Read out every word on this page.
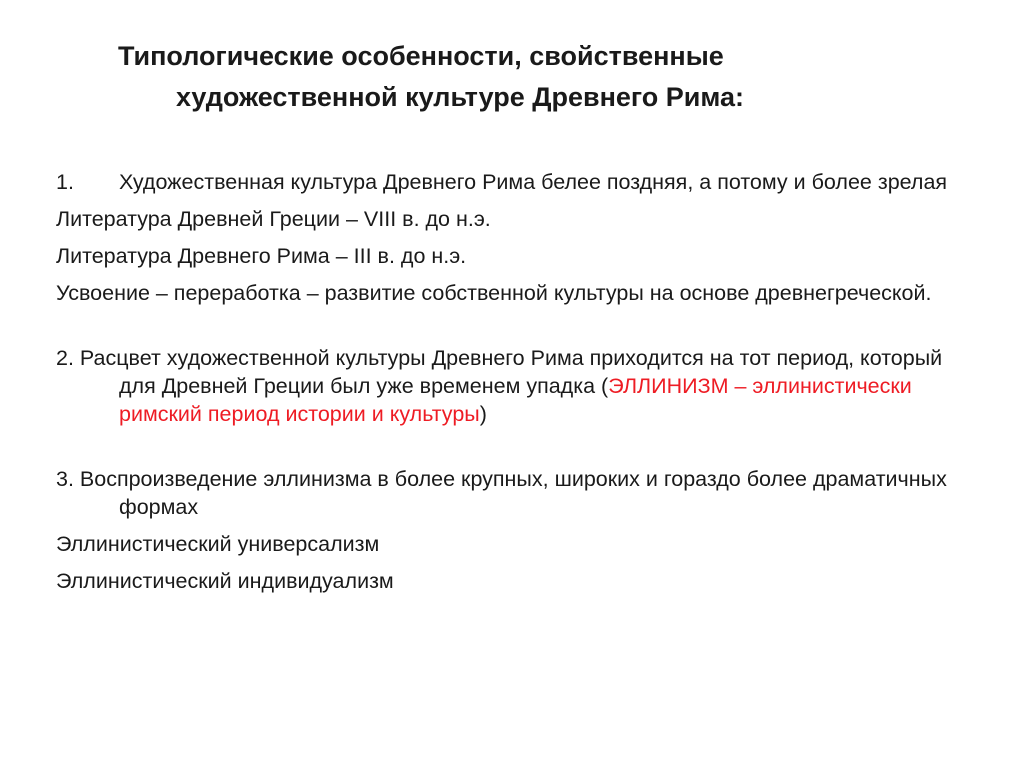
Типологические особенности, свойственные
художественной культуре Древнего Рима:

1. Художественная культура Древнего Рима белее поздняя, а потому и более зрелая

Литература Древней Греции – VIII в. до н.э.

Литература Древнего Рима – III в. до н.э.

Усвоение – переработка – развитие собственной культуры на основе древнегреческой.

2. Расцвет художественной культуры Древнего Рима приходится на тот период, который для Древней Греции был уже временем упадка (ЭЛЛИНИЗМ – эллинистически римский период истории и культуры)

3. Воспроизведение эллинизма в более крупных, широких и гораздо более драматичных формах

Эллинистический универсализм

Эллинистический индивидуализм
